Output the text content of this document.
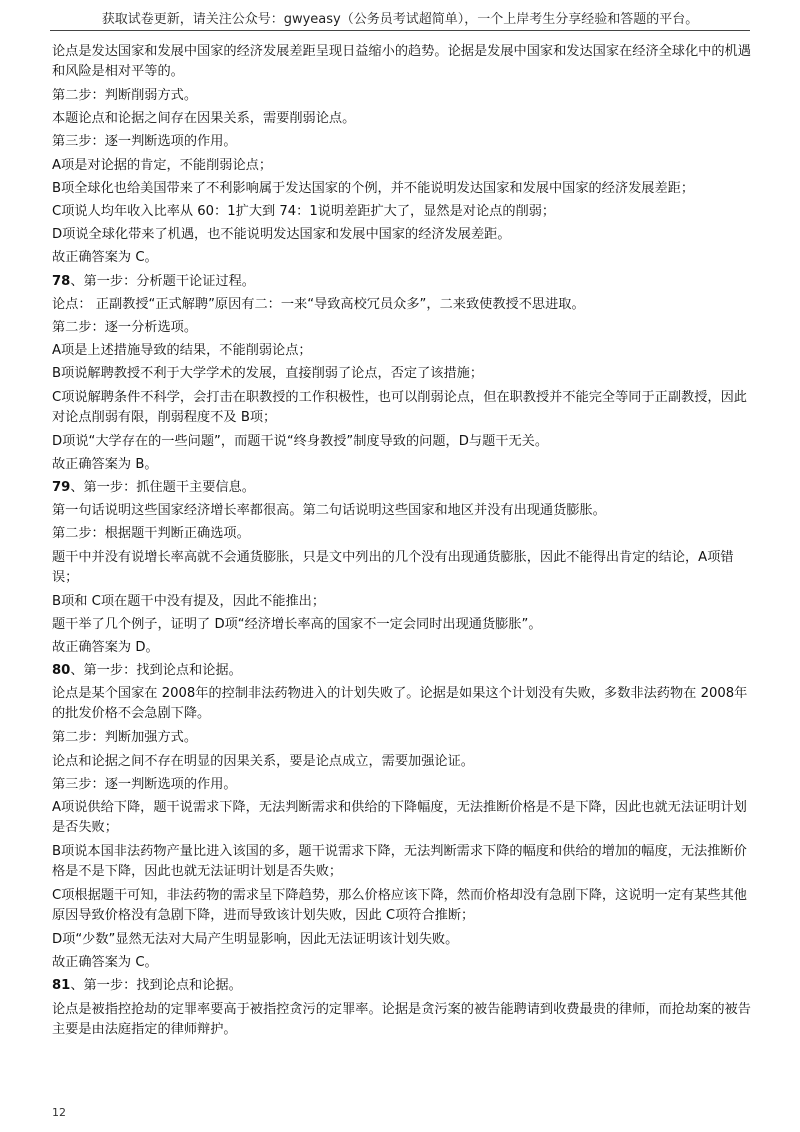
获取试卷更新，请关注公众号：gwyeasy（公务员考试超简单），一个上岸考生分享经验和答题的平台。
论点是发达国家和发展中国家的经济发展差距呈现日益缩小的趋势。论据是发展中国家和发达国家在经济全球化中的机遇和风险是相对平等的。
第二步：判断削弱方式。
本题论点和论据之间存在因果关系，需要削弱论点。
第三步：逐一判断选项的作用。
A项是对论据的肯定，不能削弱论点；
B项全球化也给美国带来了不利影响属于发达国家的个例，并不能说明发达国家和发展中国家的经济发展差距；
C项说人均年收入比率从 60：1扩大到 74：1说明差距扩大了，显然是对论点的削弱；
D项说全球化带来了机遇，也不能说明发达国家和发展中国家的经济发展差距。
故正确答案为 C。
78、第一步：分析题干论证过程。
论点： 正副教授“正式解聘”原因有二：一来“导致高校冗员众多”，二来致使教授不思进取。
第二步：逐一分析选项。
A项是上述措施导致的结果，不能削弱论点；
B项说解聘教授不利于大学学术的发展，直接削弱了论点，否定了该措施；
C项说解聘条件不科学，会打击在职教授的工作积极性，也可以削弱论点，但在职教授并不能完全等同于正副教授，因此对论点削弱有限，削弱程度不及 B项；
D项说“大学存在的一些问题”，而题干说“终身教授”制度导致的问题，D与题干无关。
故正确答案为 B。
79、第一步：抓住题干主要信息。
第一句话说明这些国家经济增长率都很高。第二句话说明这些国家和地区并没有出现通货膨胀。
第二步：根据题干判断正确选项。
题干中并没有说增长率高就不会通货膨胀，只是文中列出的几个没有出现通货膨胀，因此不能得出肯定的结论，A项错误；
B项和 C项在题干中没有提及，因此不能推出；
题干举了几个例子，证明了 D项“经济增长率高的国家不一定会同时出现通货膨胀”。
故正确答案为 D。
80、第一步：找到论点和论据。
论点是某个国家在 2008年的控制非法药物进入的计划失败了。论据是如果这个计划没有失败，多数非法药物在 2008年的批发价格不会急剧下降。
第二步：判断加强方式。
论点和论据之间不存在明显的因果关系，要是论点成立，需要加强论证。
第三步：逐一判断选项的作用。
A项说供给下降，题干说需求下降，无法判断需求和供给的下降幅度，无法推断价格是不是下降，因此也就无法证明计划是否失败；
B项说本国非法药物产量比进入该国的多，题干说需求下降，无法判断需求下降的幅度和供给的增加的幅度，无法推断价格是不是下降，因此也就无法证明计划是否失败；
C项根据题干可知，非法药物的需求呈下降趋势，那么价格应该下降，然而价格却没有急剧下降，这说明一定有某些其他原因导致价格没有急剧下降，进而导致该计划失败，因此 C项符合推断；
D项“少数”显然无法对大局产生明显影响，因此无法证明该计划失败。
故正确答案为 C。
81、第一步：找到论点和论据。
论点是被指控抢劫的定罪率要高于被指控贪污的定罪率。论据是贪污案的被告能聘请到收费最贵的律师，而抢劫案的被告主要是由法庭指定的律师辩护。
12
